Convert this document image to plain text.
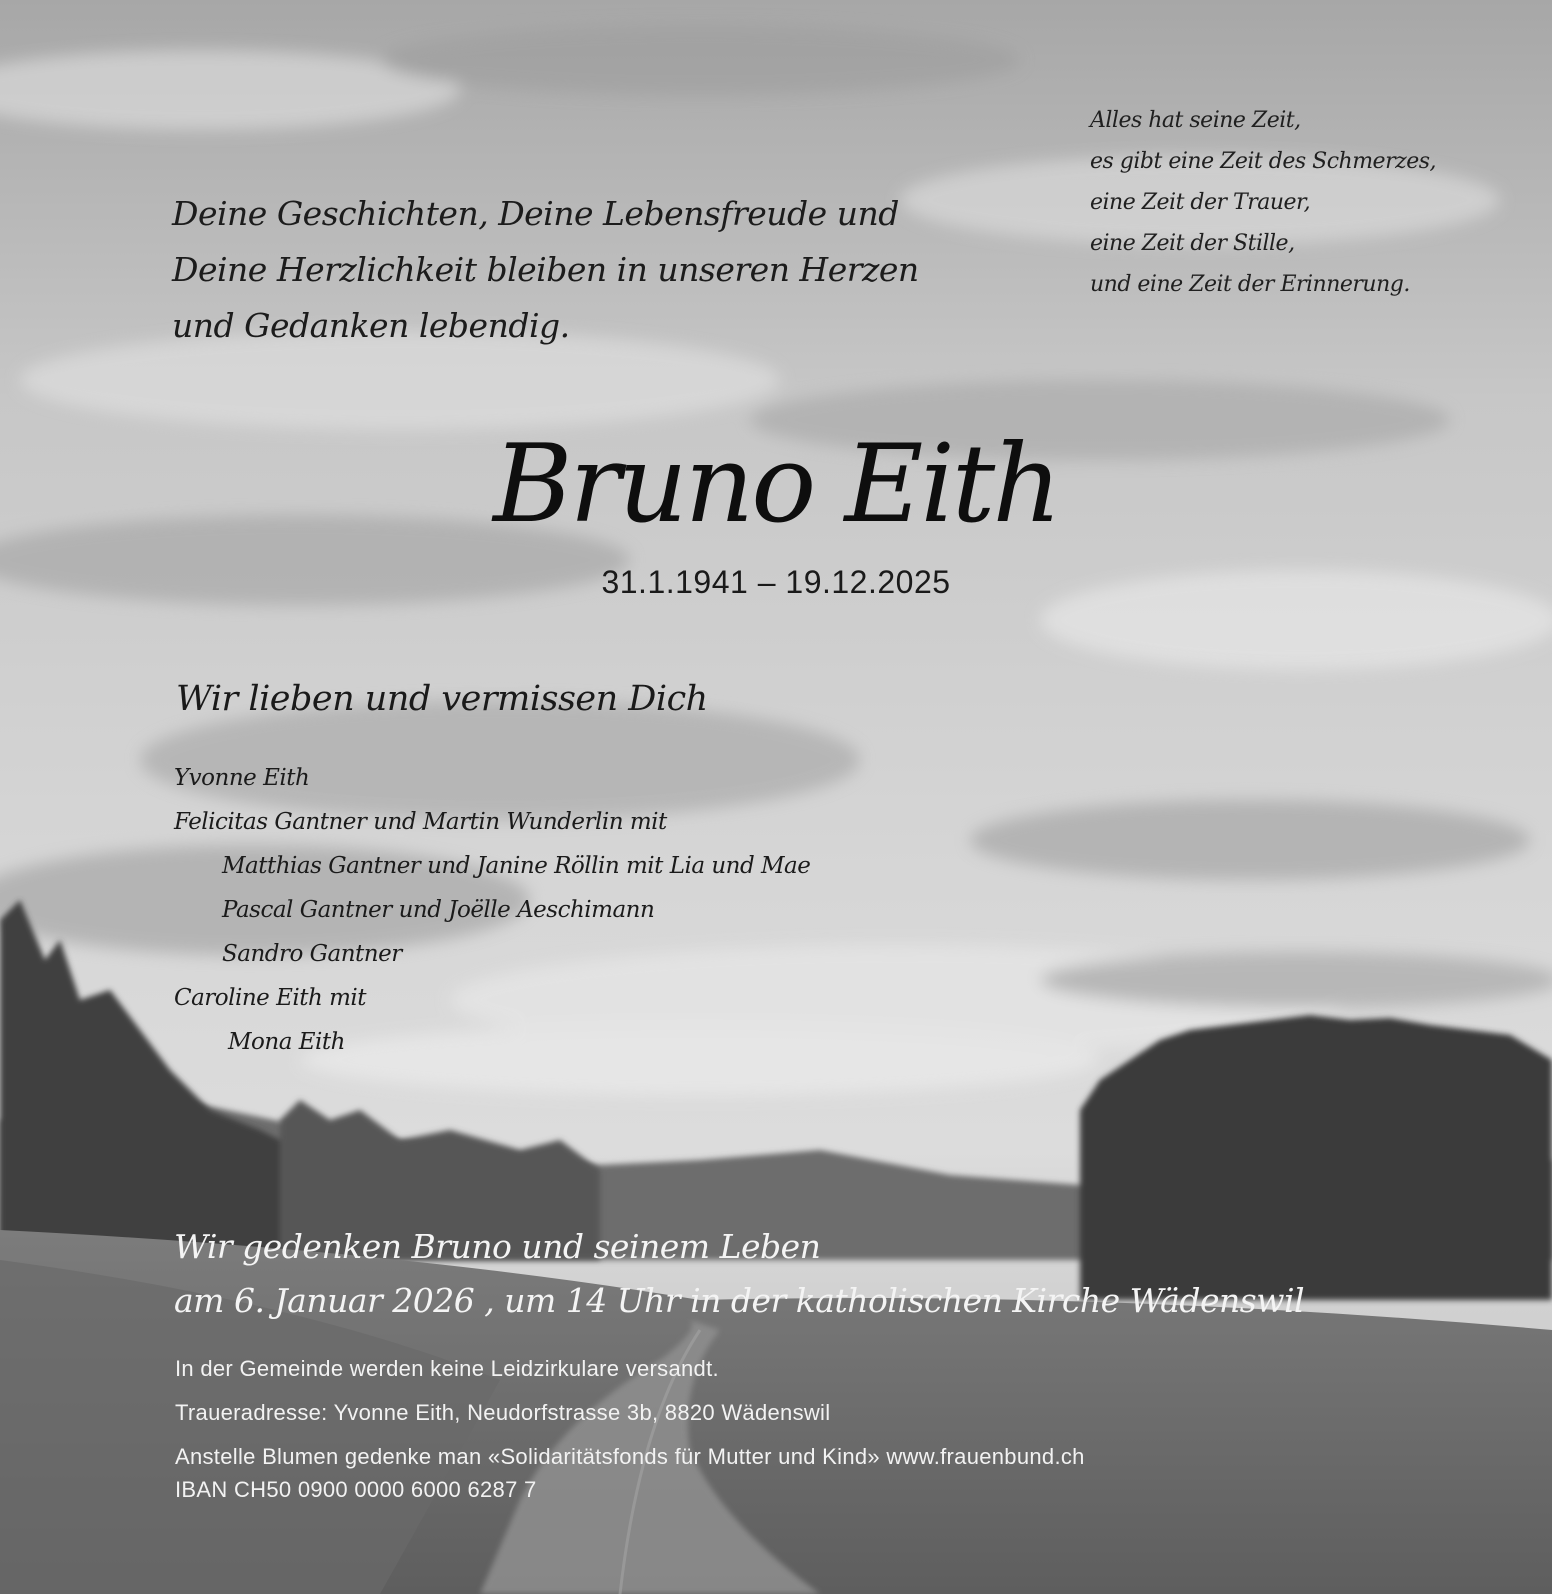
Deine Geschichten, Deine Lebensfreude und
Deine Herzlichkeit bleiben in unseren Herzen
und Gedanken lebendig.
Alles hat seine Zeit,
es gibt eine Zeit des Schmerzes,
eine Zeit der Trauer,
eine Zeit der Stille,
und eine Zeit der Erinnerung.
Bruno Eith
31.1.1941 – 19.12.2025
Wir lieben und vermissen Dich
Yvonne Eith
Felicitas Gantner und Martin Wunderlin mit
Matthias Gantner und Janine Röllin mit Lia und Mae
Pascal Gantner und Joëlle Aeschimann
Sandro Gantner
Caroline Eith mit
Mona Eith
Wir gedenken Bruno und seinem Leben
am 6. Januar 2026 , um 14 Uhr in der katholischen Kirche Wädenswil
In der Gemeinde werden keine Leidzirkulare versandt.
Traueradresse: Yvonne Eith, Neudorfstrasse 3b, 8820 Wädenswil
Anstelle Blumen gedenke man «Solidaritätsfonds für Mutter und Kind» www.frauenbund.ch
IBAN CH50 0900 0000 6000 6287 7
